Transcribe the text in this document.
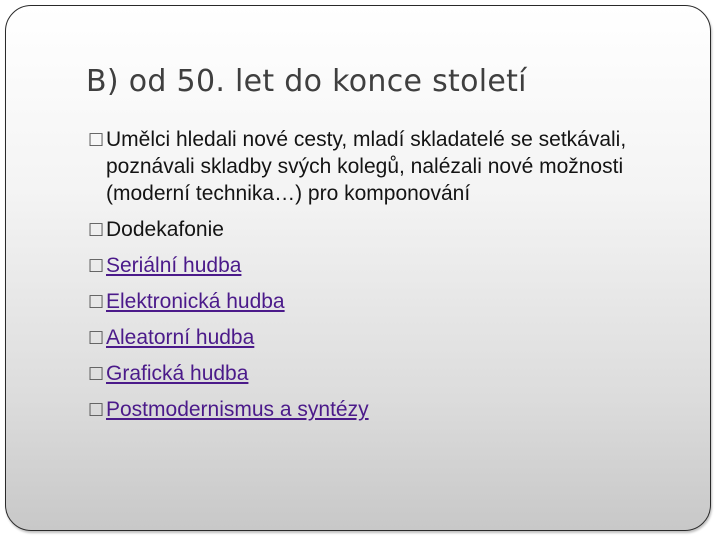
B) od 50. let do konce století
□ Umělci hledali nové cesty, mladí skladatelé se setkávali, poznávali skladby svých kolegů, nalézali nové možnosti (moderní technika…) pro komponování
□ Dodekafonie
□ Seriální hudba
□ Elektronická hudba
□ Aleatorní hudba
□ Grafická hudba
□ Postmodernismus a syntézy
